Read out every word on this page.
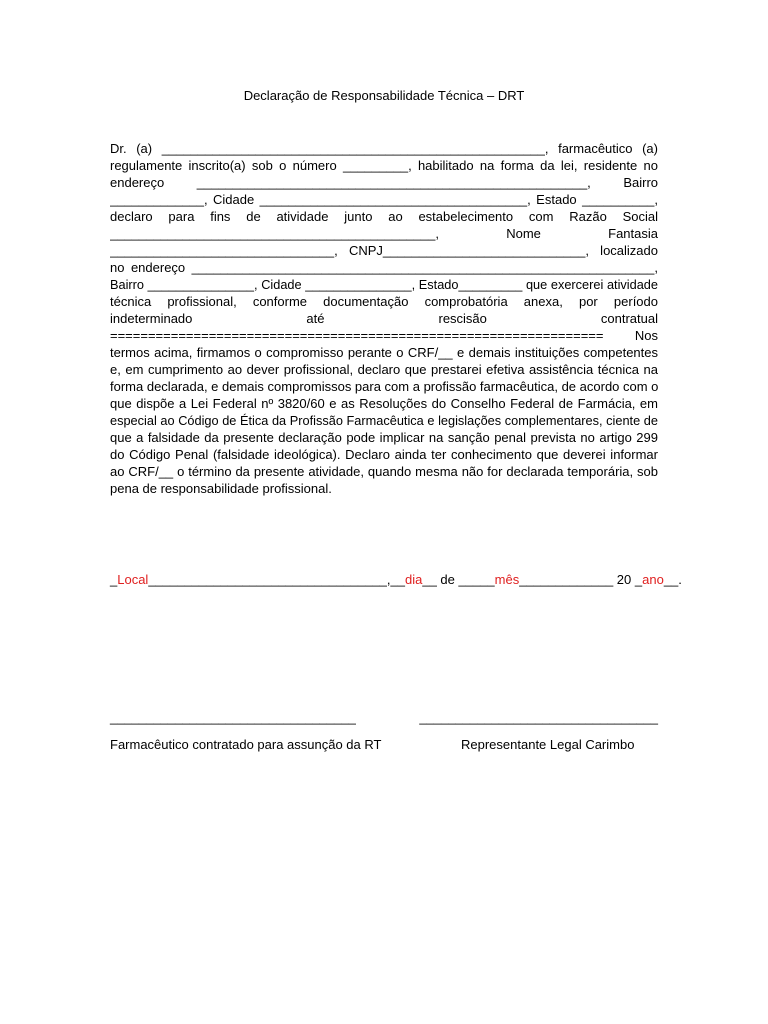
Declaração de Responsabilidade Técnica – DRT
Dr. (a) _____________________________________________________, farmacêutico (a)
regulamente inscrito(a) sob o número _________, habilitado na forma da lei, residente no
endereço ______________________________________________________, Bairro
_____________, Cidade _____________________________________, Estado __________,
declaro para fins de atividade junto ao estabelecimento com Razão Social
_____________________________________________, Nome Fantasia
_______________________________, CNPJ____________________________, localizado
no endereço ________________________________________________________________,
Bairro _______________, Cidade _______________, Estado_________ que exercerei atividade
técnica profissional, conforme documentação comprobatória anexa, por período
indeterminado até rescisão contratual
================================================================= Nos
termos acima, firmamos o compromisso perante o CRF/__ e demais instituições competentes
e, em cumprimento ao dever profissional, declaro que prestarei efetiva assistência técnica na
forma declarada, e demais compromissos para com a profissão farmacêutica, de acordo com o
que dispõe a Lei Federal nº 3820/60 e as Resoluções do Conselho Federal de Farmácia, em
especial ao Código de Ética da Profissão Farmacêutica e legislações complementares, ciente de
que a falsidade da presente declaração pode implicar na sanção penal prevista no artigo 299
do Código Penal (falsidade ideológica). Declaro ainda ter conhecimento que deverei informar
ao CRF/__ o término da presente atividade, quando mesma não for declarada temporária, sob
pena de responsabilidade profissional.
_Local_________________________________,__dia__ de _____mês_____________ 20 _ano__.
__________________________________	_________________________________
Farmacêutico contratado para assunção da RT	Representante Legal Carimbo
